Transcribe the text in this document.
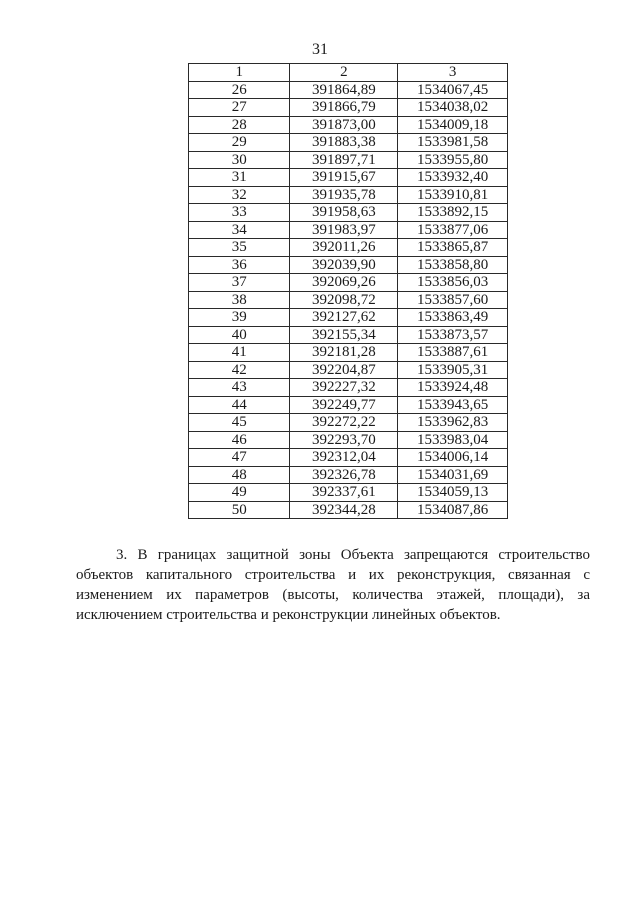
31
1	2	3
26	391864,89	1534067,45
27	391866,79	1534038,02
28	391873,00	1534009,18
29	391883,38	1533981,58
30	391897,71	1533955,80
31	391915,67	1533932,40
32	391935,78	1533910,81
33	391958,63	1533892,15
34	391983,97	1533877,06
35	392011,26	1533865,87
36	392039,90	1533858,80
37	392069,26	1533856,03
38	392098,72	1533857,60
39	392127,62	1533863,49
40	392155,34	1533873,57
41	392181,28	1533887,61
42	392204,87	1533905,31
43	392227,32	1533924,48
44	392249,77	1533943,65
45	392272,22	1533962,83
46	392293,70	1533983,04
47	392312,04	1534006,14
48	392326,78	1534031,69
49	392337,61	1534059,13
50	392344,28	1534087,86
3. В границах защитной зоны Объекта запрещаются строительство объектов капитального строительства и их реконструкция, связанная с изменением их параметров (высоты, количества этажей, площади), за исключением строительства и реконструкции линейных объектов.
